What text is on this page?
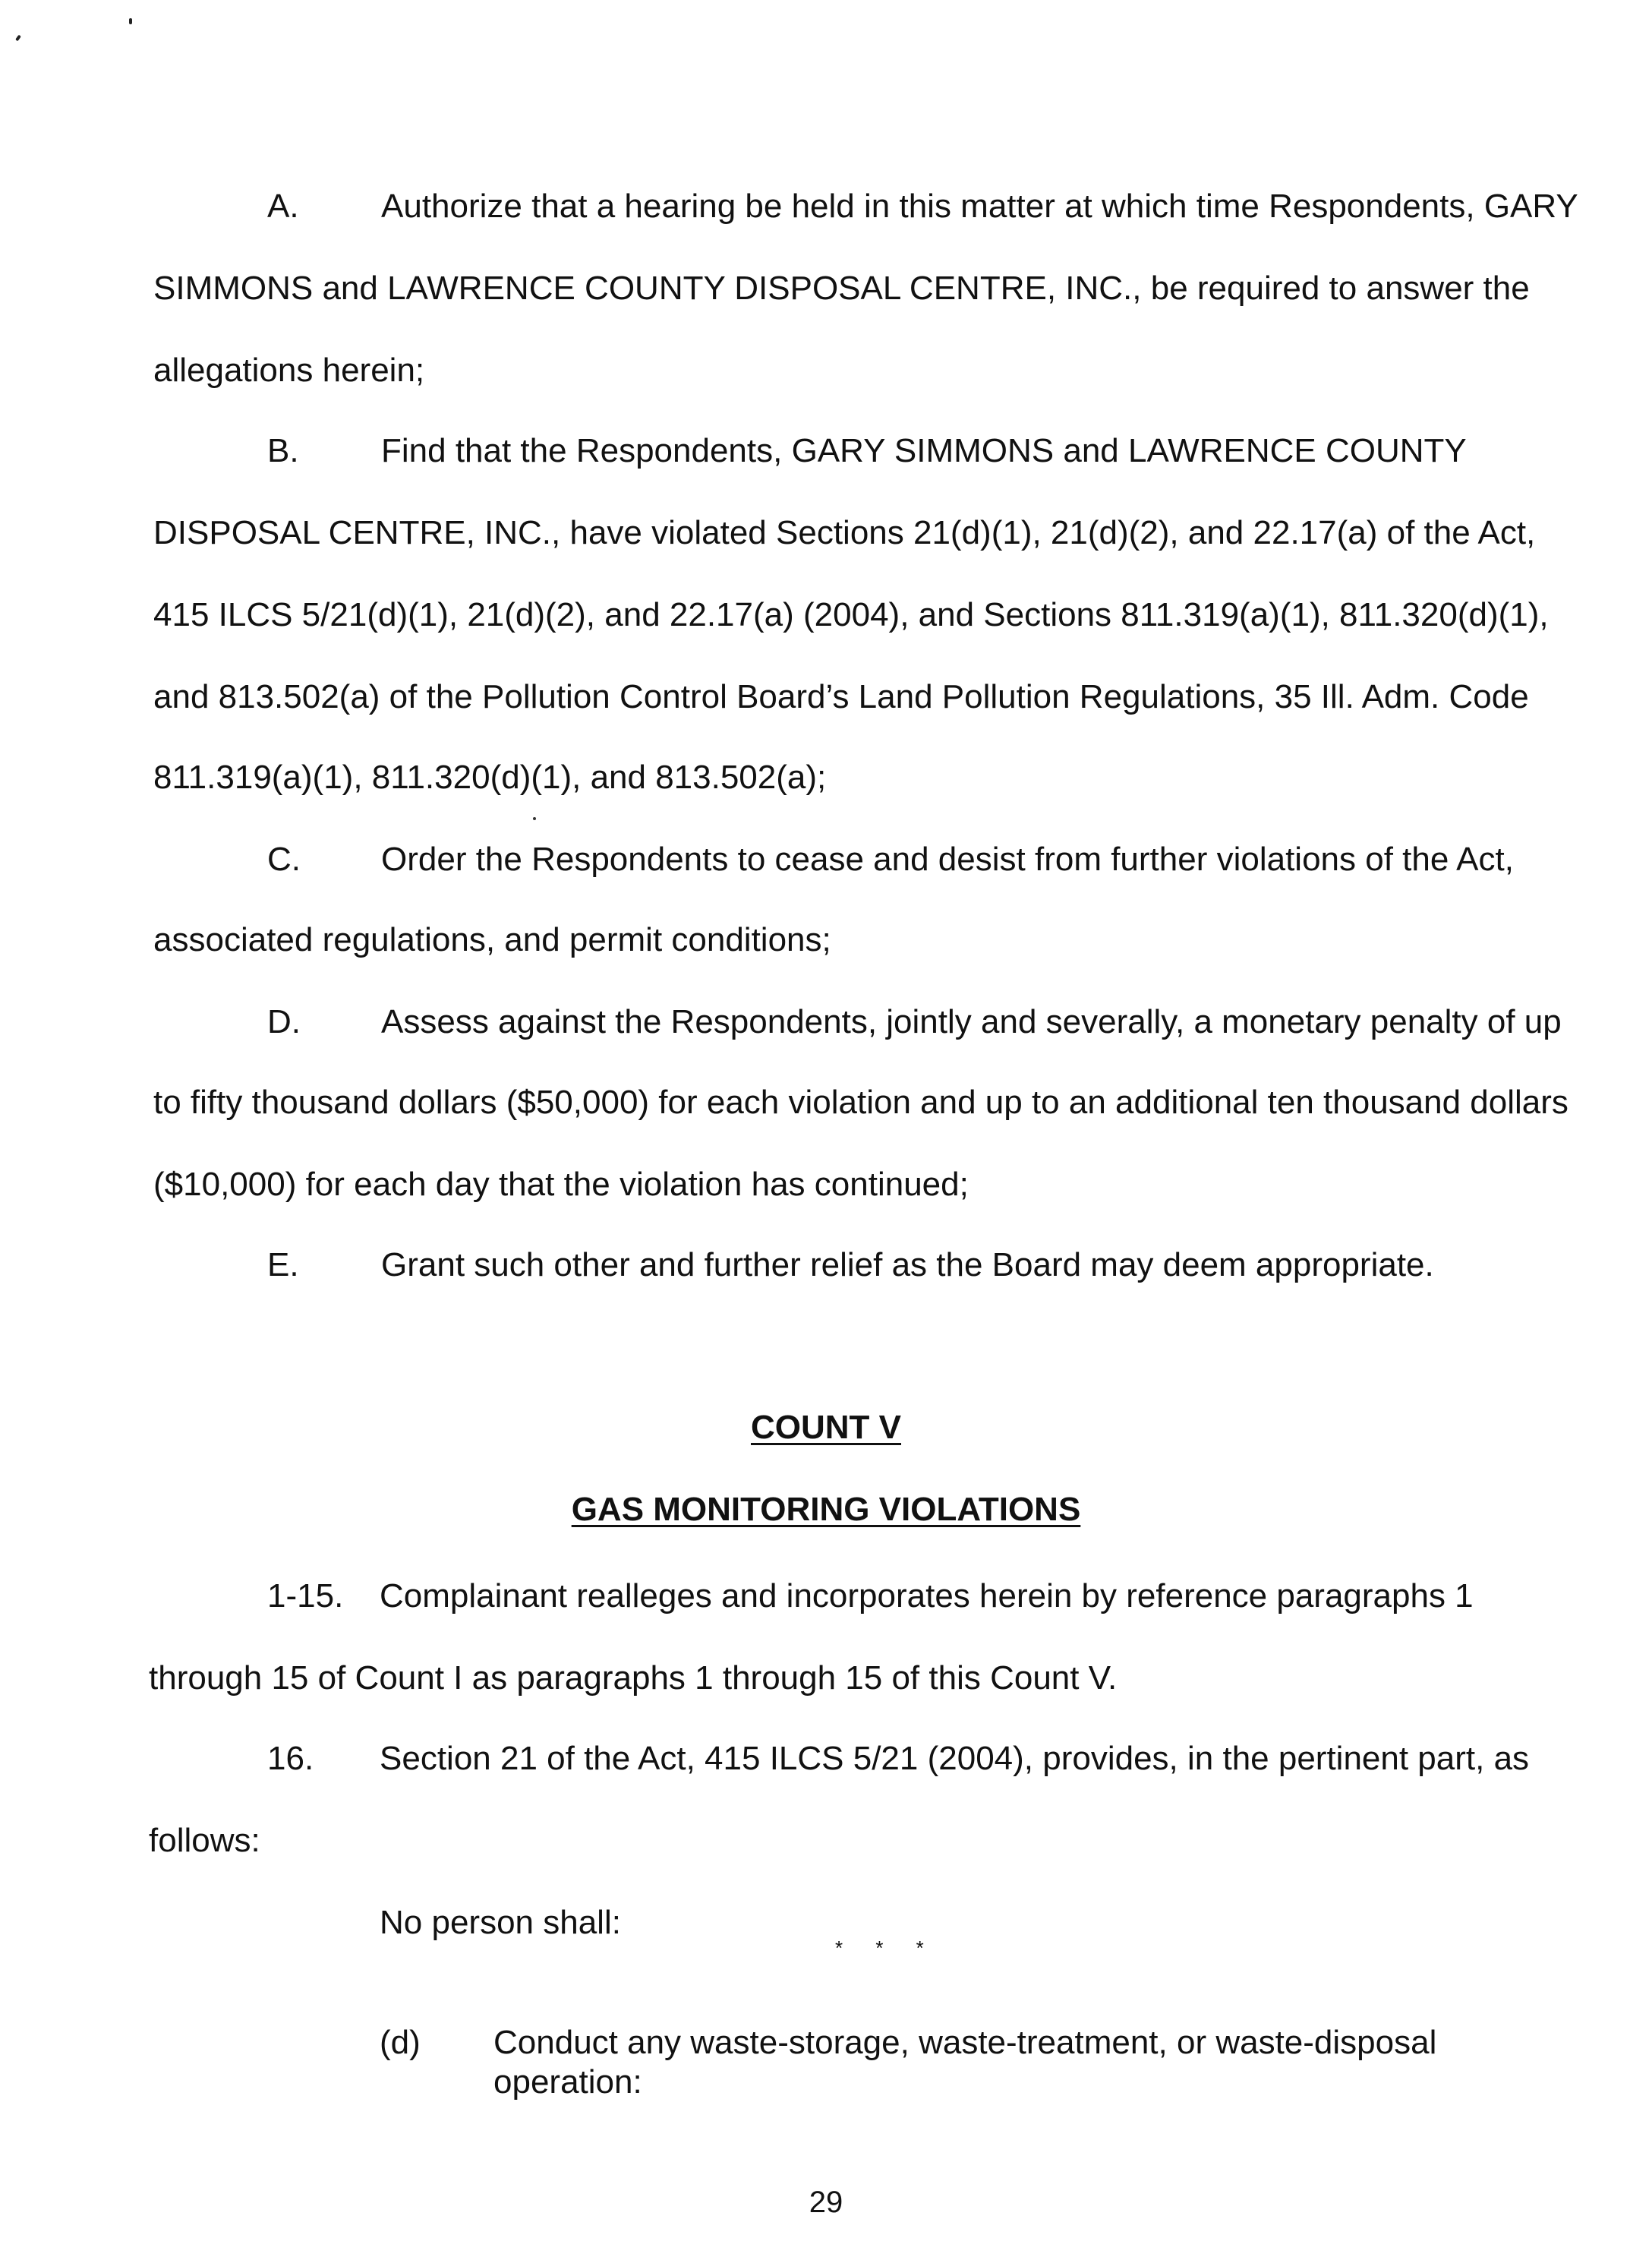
A. Authorize that a hearing be held in this matter at which time Respondents, GARY
SIMMONS and LAWRENCE COUNTY DISPOSAL CENTRE, INC., be required to answer the
allegations herein;
B. Find that the Respondents, GARY SIMMONS and LAWRENCE COUNTY
DISPOSAL CENTRE, INC., have violated Sections 21(d)(1), 21(d)(2), and 22.17(a) of the Act,
415 ILCS 5/21(d)(1), 21(d)(2), and 22.17(a) (2004), and Sections 811.319(a)(1), 811.320(d)(1),
and 813.502(a) of the Pollution Control Board’s Land Pollution Regulations, 35 Ill. Adm. Code
811.319(a)(1), 811.320(d)(1), and 813.502(a);
C. Order the Respondents to cease and desist from further violations of the Act,
associated regulations, and permit conditions;
D. Assess against the Respondents, jointly and severally, a monetary penalty of up
to fifty thousand dollars ($50,000) for each violation and up to an additional ten thousand dollars
($10,000) for each day that the violation has continued;
E. Grant such other and further relief as the Board may deem appropriate.
COUNT V
GAS MONITORING VIOLATIONS
1-15. Complainant realleges and incorporates herein by reference paragraphs 1
through 15 of Count I as paragraphs 1 through 15 of this Count V.
16. Section 21 of the Act, 415 ILCS 5/21 (2004), provides, in the pertinent part, as
follows:
No person shall:
* * *
(d) Conduct any waste-storage, waste-treatment, or waste-disposal
operation:
29
